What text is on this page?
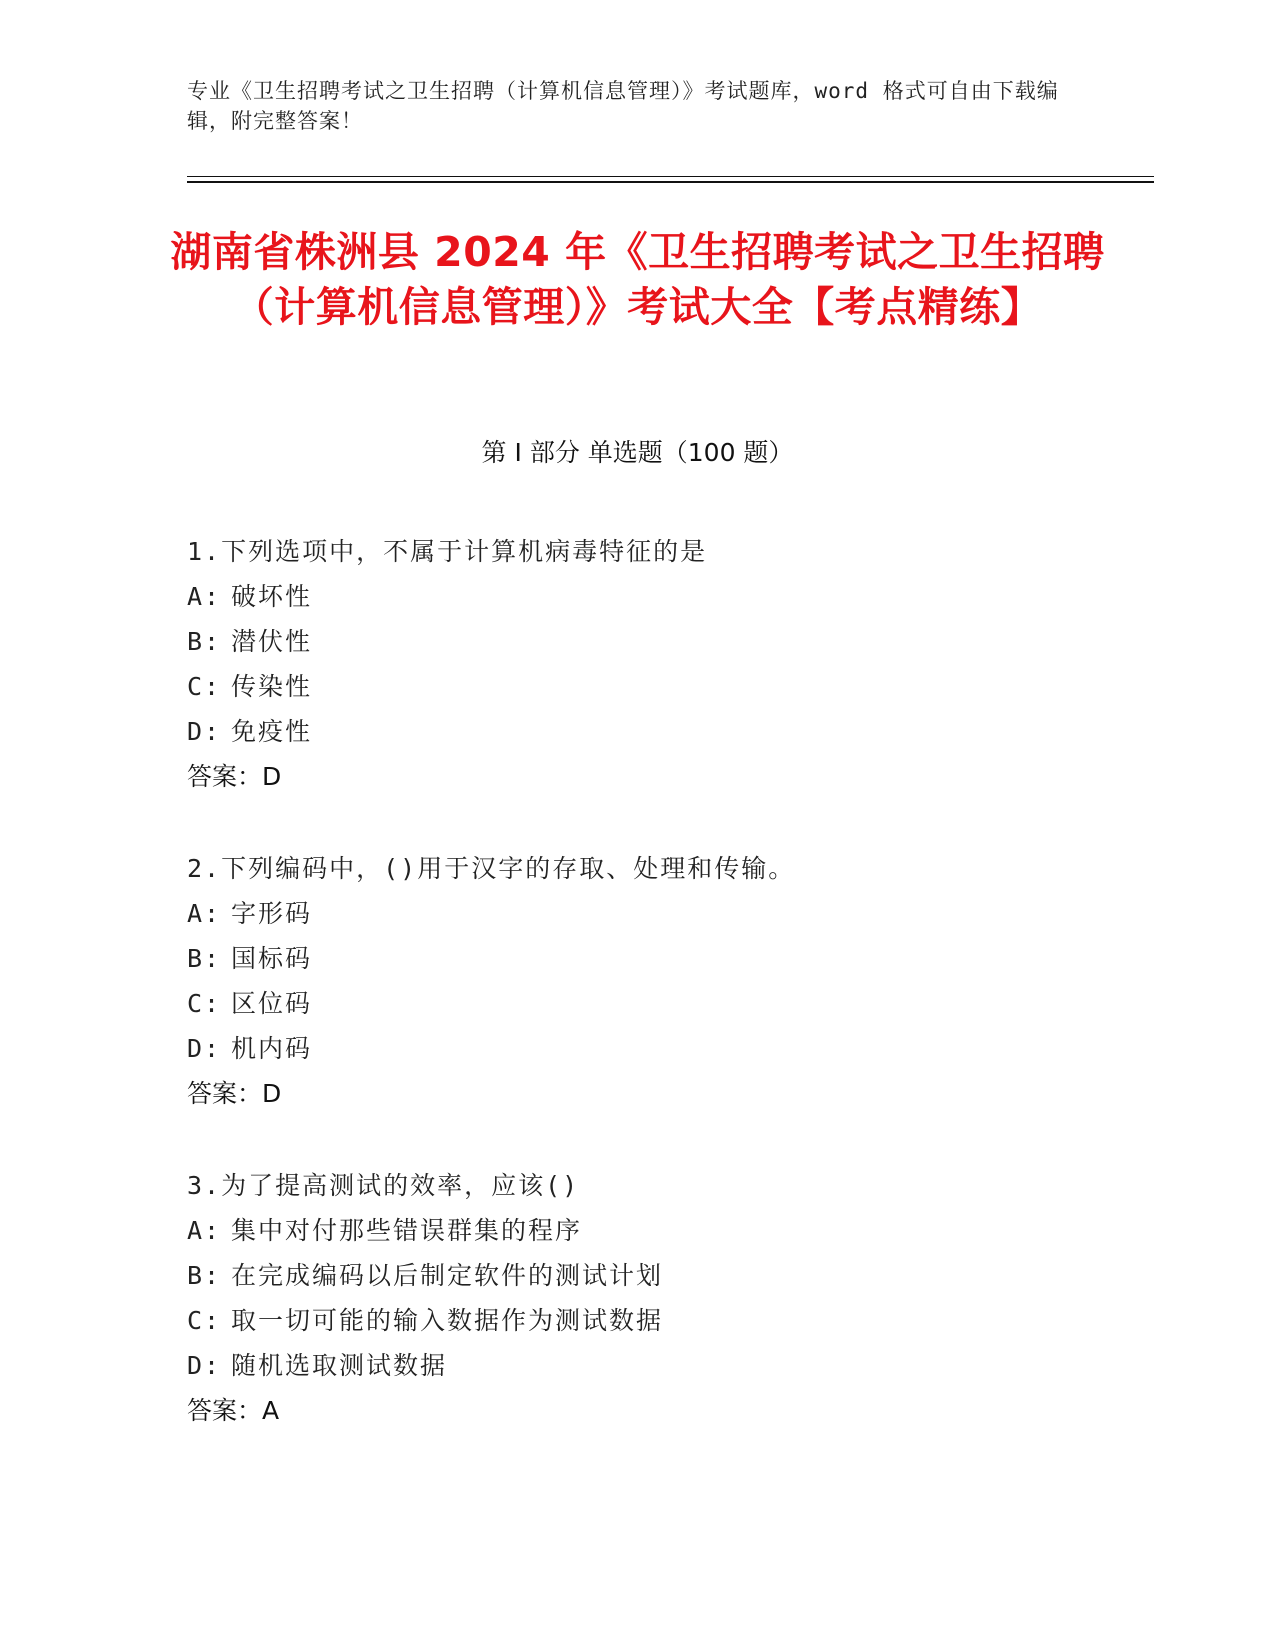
专业《卫生招聘考试之卫生招聘（计算机信息管理）》考试题库，word 格式可自由下载编辑，附完整答案！
湖南省株洲县 2024 年《卫生招聘考试之卫生招聘（计算机信息管理）》考试大全【考点精练】
第 I 部分 单选题（100 题）
1.下列选项中，不属于计算机病毒特征的是
A: 破坏性
B: 潜伏性
C: 传染性
D: 免疫性
答案：D
2.下列编码中，()用于汉字的存取、处理和传输。
A: 字形码
B: 国标码
C: 区位码
D: 机内码
答案：D
3.为了提高测试的效率，应该()
A: 集中对付那些错误群集的程序
B: 在完成编码以后制定软件的测试计划
C: 取一切可能的输入数据作为测试数据
D: 随机选取测试数据
答案：A
